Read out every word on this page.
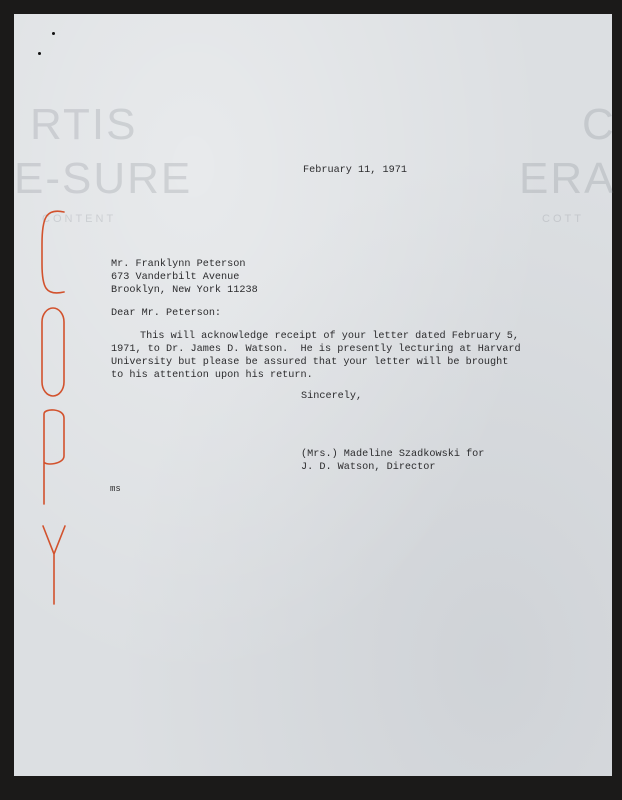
RTIS
E-SURE
CONTENT
C
ERA
COTT
February 11, 1971
Mr. Franklynn Peterson
673 Vanderbilt Avenue
Brooklyn, New York 11238
Dear Mr. Peterson:
This will acknowledge receipt of your letter dated February 5,
1971, to Dr. James D. Watson.  He is presently lecturing at Harvard
University but please be assured that your letter will be brought
to his attention upon his return.
Sincerely,
(Mrs.) Madeline Szadkowski for
J. D. Watson, Director
ms
